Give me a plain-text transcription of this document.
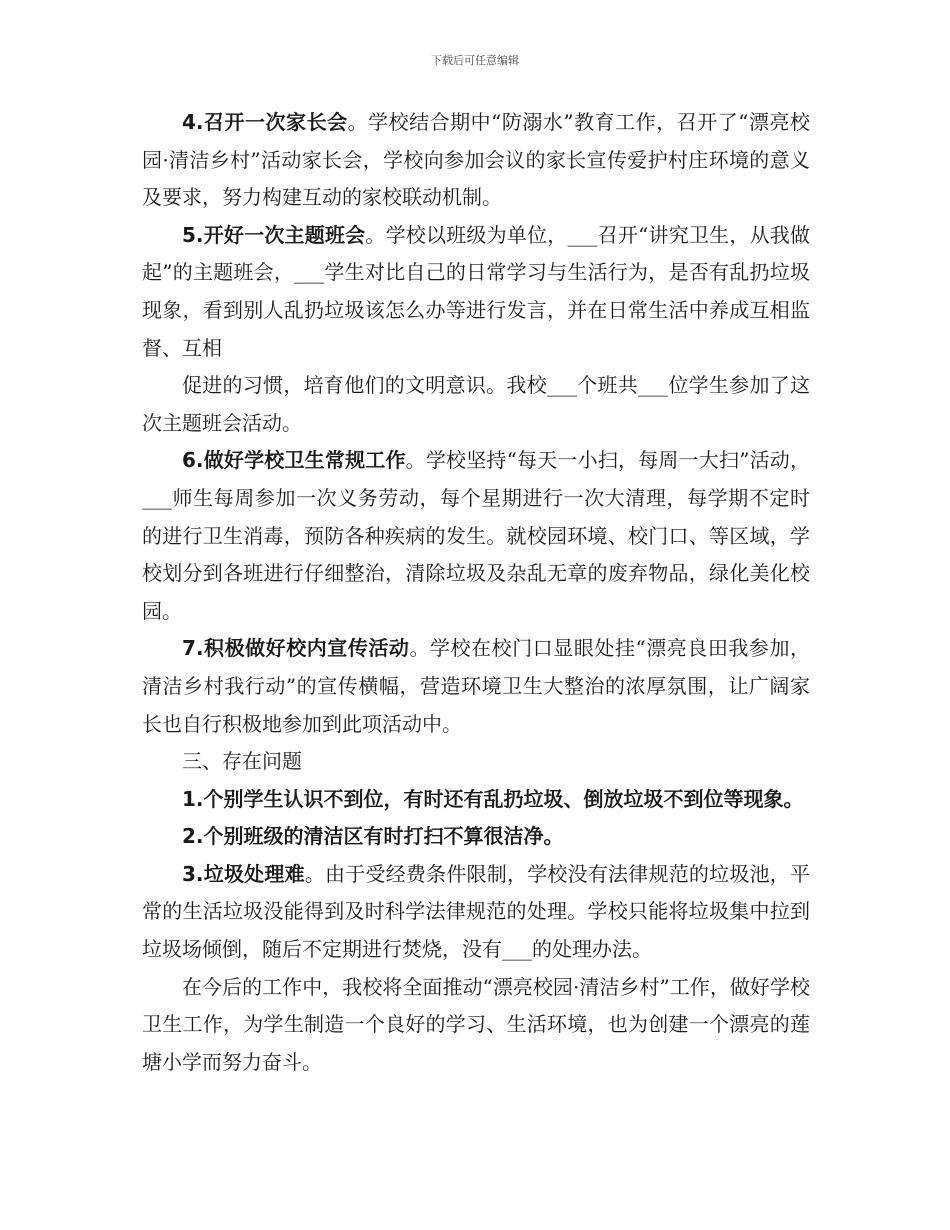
下载后可任意编辑

4.召开一次家长会。学校结合期中“防溺水”教育工作，召开了“漂亮校园·清洁乡村”活动家长会，学校向参加会议的家长宣传爱护村庄环境的意义及要求，努力构建互动的家校联动机制。

5.开好一次主题班会。学校以班级为单位，___召开“讲究卫生，从我做起”的主题班会，___学生对比自己的日常学习与生活行为，是否有乱扔垃圾现象，看到别人乱扔垃圾该怎么办等进行发言，并在日常生活中养成互相监督、互相

促进的习惯，培育他们的文明意识。我校___个班共___位学生参加了这次主题班会活动。

6.做好学校卫生常规工作。学校坚持“每天一小扫，每周一大扫”活动，___师生每周参加一次义务劳动，每个星期进行一次大清理，每学期不定时的进行卫生消毒，预防各种疾病的发生。就校园环境、校门口、等区域，学校划分到各班进行仔细整治，清除垃圾及杂乱无章的废弃物品，绿化美化校园。

7.积极做好校内宣传活动。学校在校门口显眼处挂“漂亮良田我参加，清洁乡村我行动”的宣传横幅，营造环境卫生大整治的浓厚氛围，让广阔家长也自行积极地参加到此项活动中。

三、存在问题

1.个别学生认识不到位，有时还有乱扔垃圾、倒放垃圾不到位等现象。

2.个别班级的清洁区有时打扫不算很洁净。

3.垃圾处理难。由于受经费条件限制，学校没有法律规范的垃圾池，平常的生活垃圾没能得到及时科学法律规范的处理。学校只能将垃圾集中拉到垃圾场倾倒，随后不定期进行焚烧，没有___的处理办法。

在今后的工作中，我校将全面推动“漂亮校园·清洁乡村”工作，做好学校卫生工作，为学生制造一个良好的学习、生活环境，也为创建一个漂亮的莲塘小学而努力奋斗。
